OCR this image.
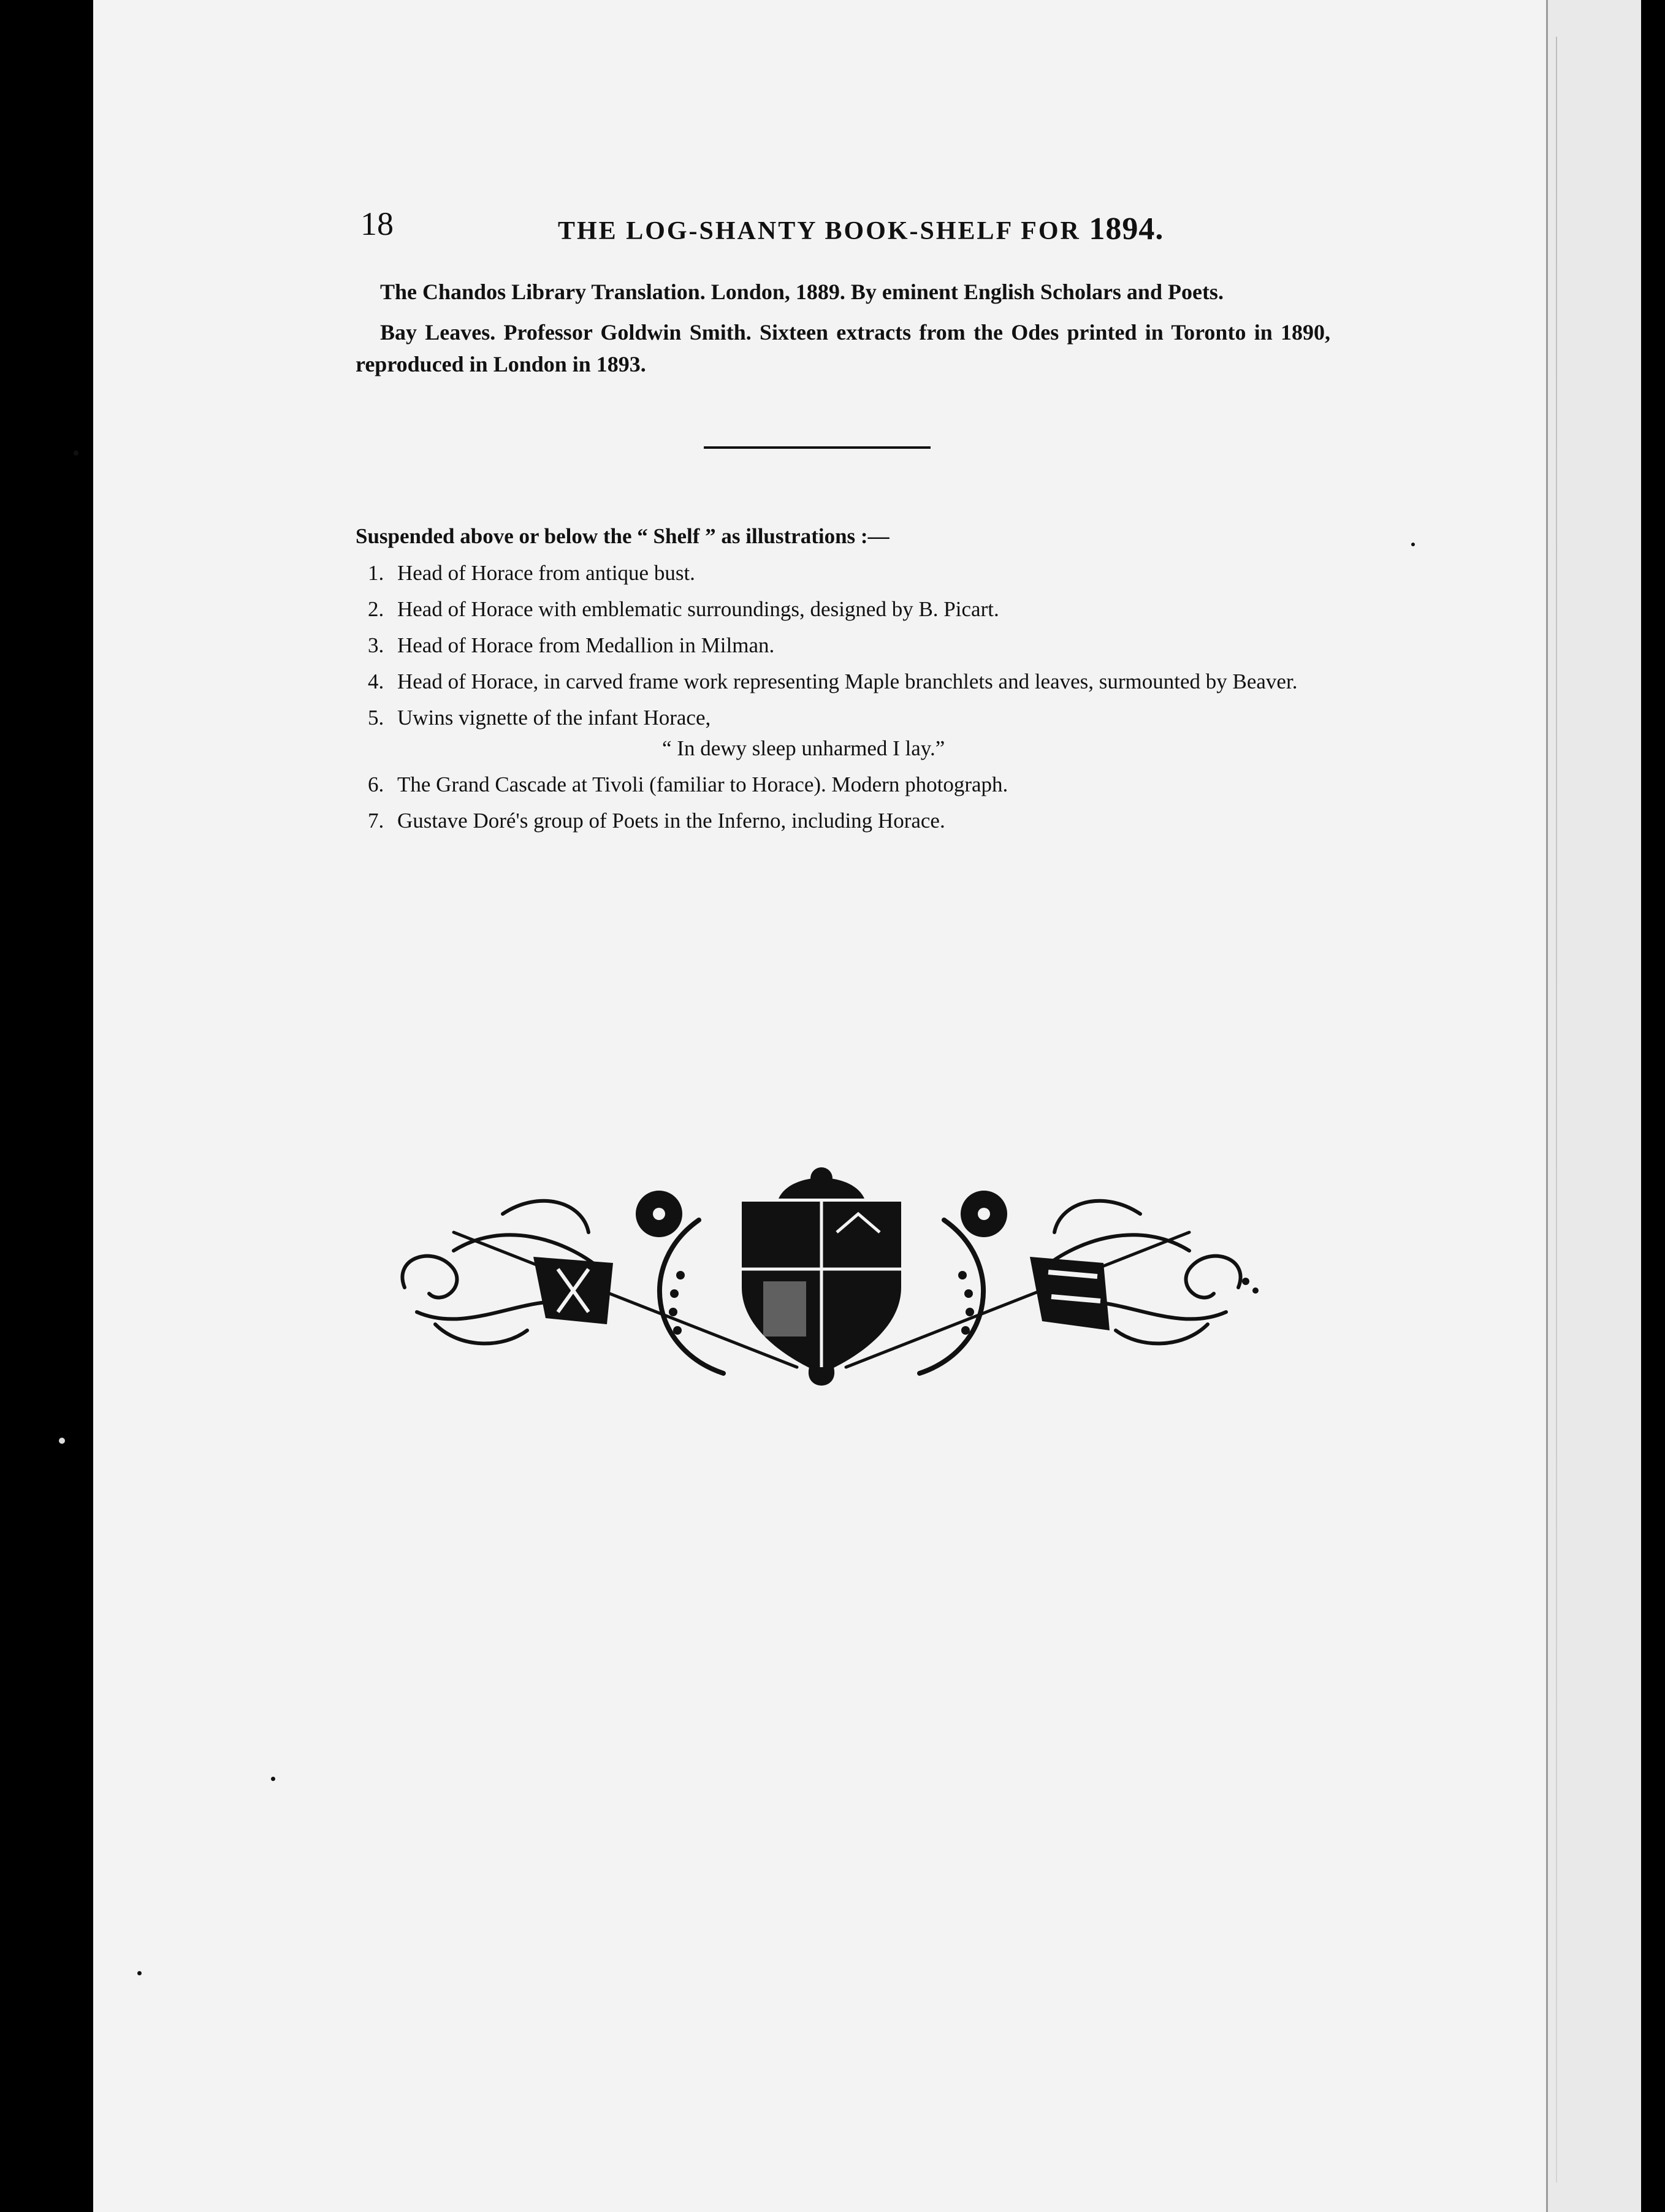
18	THE LOG-SHANTY BOOK-SHELF FOR 1894.

The Chandos Library Translation. London, 1889. By eminent English Scholars and Poets.

Bay Leaves. Professor Goldwin Smith. Sixteen extracts from the Odes printed in Toronto in 1890, reproduced in London in 1893.

Suspended above or below the “ Shelf ” as illustrations :—
1. Head of Horace from antique bust.
2. Head of Horace with emblematic surroundings, designed by B. Picart.
3. Head of Horace from Medallion in Milman.
4. Head of Horace, in carved frame work representing Maple branchlets and leaves, surmounted by Beaver.
5. Uwins vignette of the infant Horace,
“ In dewy sleep unharmed I lay.”
6. The Grand Cascade at Tivoli (familiar to Horace). Modern photograph.
7. Gustave Doré's group of Poets in the Inferno, including Horace.
